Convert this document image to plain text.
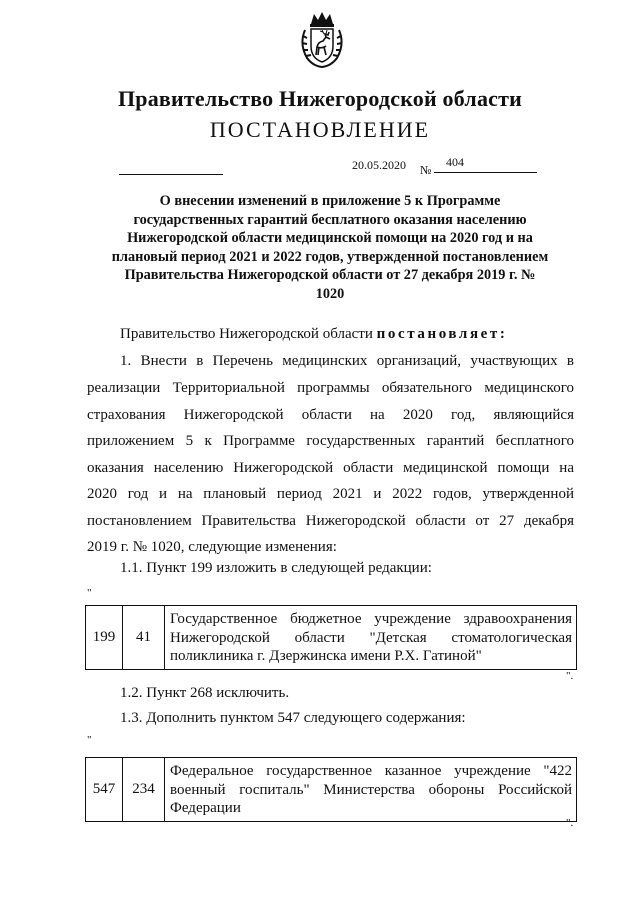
Правительство Нижегородской области
ПОСТАНОВЛЕНИЕ
20.05.2020 №
404
О внесении изменений в приложение 5 к Программе государственных гарантий бесплатного оказания населению Нижегородской области медицинской помощи на 2020 год и на плановый период 2021 и 2022 годов, утвержденной постановлением Правительства Нижегородской области от 27 декабря 2019 г. № 1020
Правительство Нижегородской области постановляет:
1. Внести в Перечень медицинских организаций, участвующих в
реализации Территориальной программы обязательного медицинского
страхования Нижегородской области на 2020 год, являющийся
приложением 5 к Программе государственных гарантий бесплатного
оказания населению Нижегородской области медицинской помощи на
2020 год и на плановый период 2021 и 2022 годов, утвержденной
постановлением Правительства Нижегородской области от 27 декабря
2019 г. № 1020, следующие изменения:
1.1. Пункт 199 изложить в следующей редакции:
"
199	41	Государственное бюджетное учреждение здравоохранения Нижегородской области "Детская стоматологическая поликлиника г. Дзержинска имени Р.Х. Гатиной"
".
1.2. Пункт 268 исключить.
1.3. Дополнить пунктом 547 следующего содержания:
"
547	234	Федеральное государственное казанное учреждение "422 военный госпиталь" Министерства обороны Российской Федерации
".
